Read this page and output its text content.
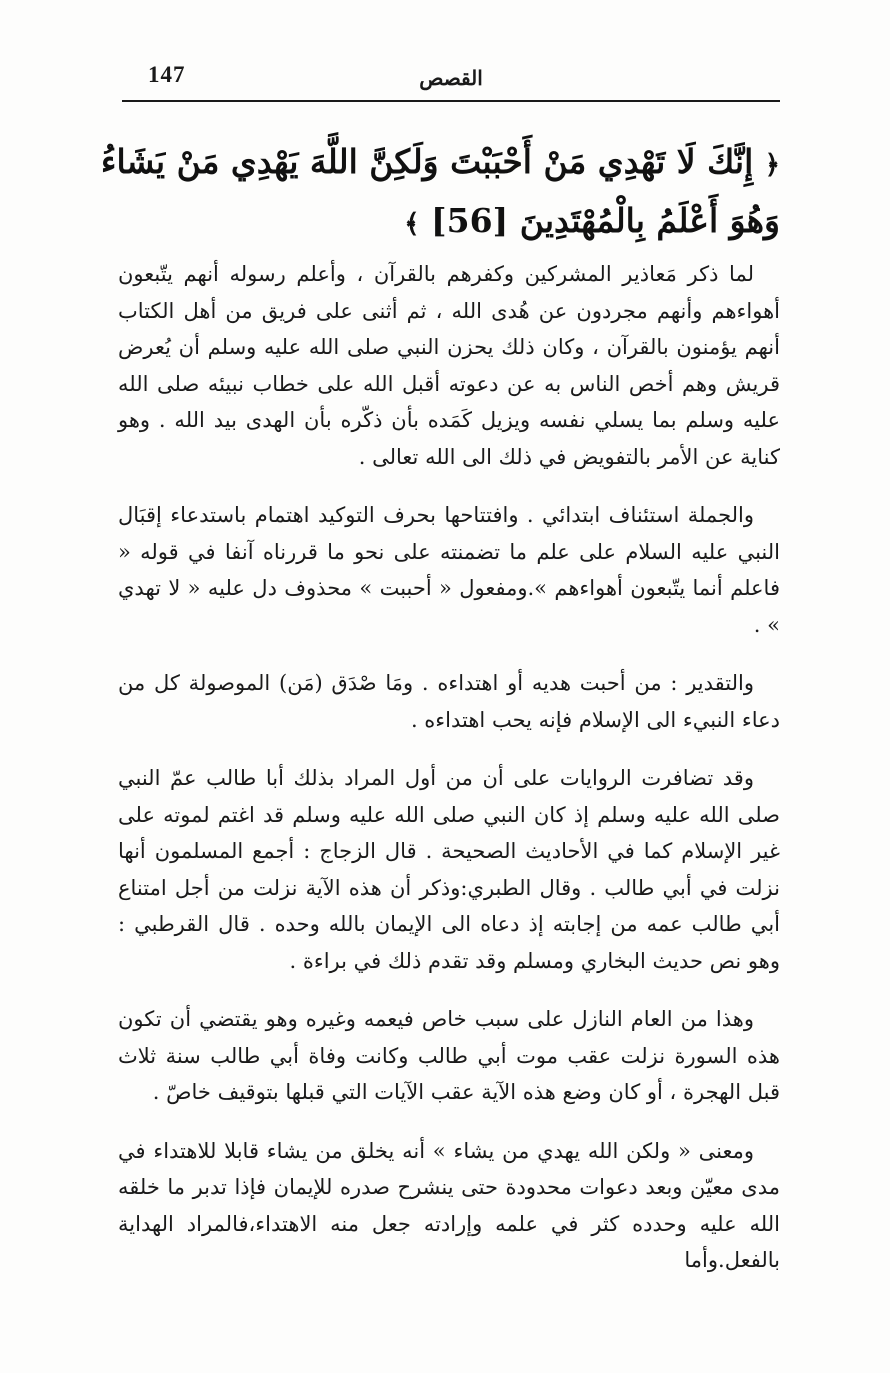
147	القصص
﴿ إِنَّكَ لَا تَهْدِي مَنْ أَحْبَبْتَ وَلَكِنَّ اللَّهَ يَهْدِي مَنْ يَشَاءُ وَهُوَ أَعْلَمُ بِالْمُهْتَدِينَ [56] ﴾

لما ذكر مَعاذير المشركين وكفرهم بالقرآن ، وأعلم رسوله أنهم يتّبعون أهواءهم وأنهم مجردون عن هُدى الله ، ثم أثنى على فريق من أهل الكتاب أنهم يؤمنون بالقرآن ، وكان ذلك يحزن النبي صلى الله عليه وسلم أن يُعرض قريش وهم أخص الناس به عن دعوته أقبل الله على خطاب نبيئه صلى الله عليه وسلم بما يسلي نفسه ويزيل كَمَده بأن ذكّره بأن الهدى بيد الله . وهو كناية عن الأمر بالتفويض في ذلك الى الله تعالى .

والجملة استئناف ابتدائي . وافتتاحها بحرف التوكيد اهتمام باستدعاء إقبَال النبي عليه السلام على علم ما تضمنته على نحو ما قررناه آنفا في قوله « فاعلم أنما يتّبعون أهواءهم ».ومفعول « أحببت » محذوف دل عليه « لا تهدي » .

والتقدير : من أحبت هديه أو اهتداءه . ومَا صْدَق (مَن) الموصولة كل من دعاء النبيء الى الإسلام فإنه يحب اهتداءه .

وقد تضافرت الروايات على أن من أول المراد بذلك أبا طالب عمّ النبي صلى الله عليه وسلم إذ كان النبي صلى الله عليه وسلم قد اغتم لموته على غير الإسلام كما في الأحاديث الصحيحة . قال الزجاج : أجمع المسلمون أنها نزلت في أبي طالب . وقال الطبري:وذكر أن هذه الآية نزلت من أجل امتناع أبي طالب عمه من إجابته إذ دعاه الى الإيمان بالله وحده . قال القرطبي : وهو نص حديث البخاري ومسلم وقد تقدم ذلك في براءة .

وهذا من العام النازل على سبب خاص فيعمه وغيره وهو يقتضي أن تكون هذه السورة نزلت عقب موت أبي طالب وكانت وفاة أبي طالب سنة ثلاث قبل الهجرة ، أو كان وضع هذه الآية عقب الآيات التي قبلها بتوقيف خاصّ .

ومعنى « ولكن الله يهدي من يشاء » أنه يخلق من يشاء قابلا للاهتداء في مدى معيّن وبعد دعوات محدودة حتى ينشرح صدره للإيمان فإذا تدبر ما خلقه الله عليه وحدده كثر في علمه وإرادته جعل منه الاهتداء،فالمراد الهداية بالفعل.وأما
